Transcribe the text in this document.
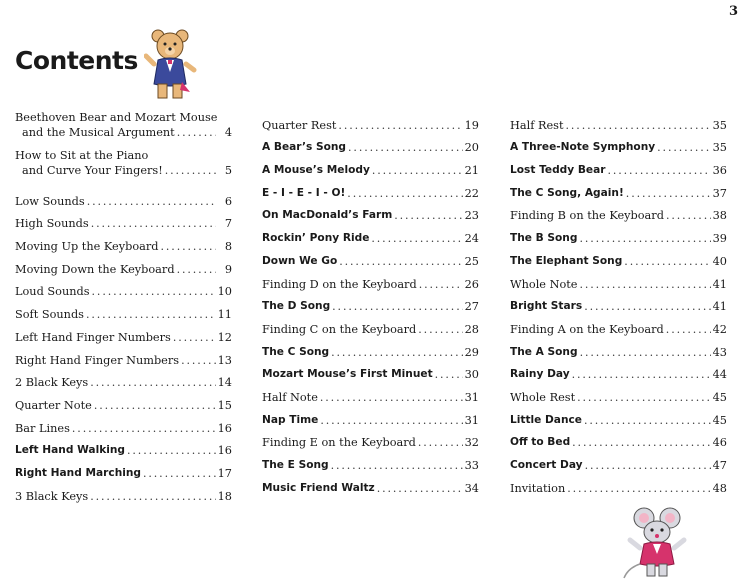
3
Contents
Beethoven Bear and Mozart Mouse
and the Musical Argument . . .	4
How to Sit at the Piano
and Curve Your Fingers! . . .	5
Low Sounds . . .	6
High Sounds . . .	7
Moving Up the Keyboard . . .	8
Moving Down the Keyboard . . .	9
Loud Sounds . . .	10
Soft Sounds . . .	11
Left Hand Finger Numbers . . .	12
Right Hand Finger Numbers . . .	13
2 Black Keys . . .	14
Quarter Note . . .	15
Bar Lines . . .	16
Left Hand Walking . . .	16
Right Hand Marching . . .	17
3 Black Keys . . .	18
Quarter Rest . . .	19
A Bear’s Song . . .	20
A Mouse’s Melody . . .	21
E - I - E - I - O! . . .	22
On MacDonald’s Farm . . .	23
Rockin’ Pony Ride . . .	24
Down We Go . . .	25
Finding D on the Keyboard . . .	26
The D Song . . .	27
Finding C on the Keyboard . . .	28
The C Song . . .	29
Mozart Mouse’s First Minuet . . .	30
Half Note . . .	31
Nap Time . . .	31
Finding E on the Keyboard . . .	32
The E Song . . .	33
Music Friend Waltz . . .	34
Half Rest . . .	35
A Three-Note Symphony . . .	35
Lost Teddy Bear . . .	36
The C Song, Again! . . .	37
Finding B on the Keyboard . . .	38
The B Song . . .	39
The Elephant Song . . .	40
Whole Note . . .	41
Bright Stars . . .	41
Finding A on the Keyboard . . .	42
The A Song . . .	43
Rainy Day . . .	44
Whole Rest . . .	45
Little Dance . . .	45
Off to Bed . . .	46
Concert Day . . .	47
Invitation . . .	48
